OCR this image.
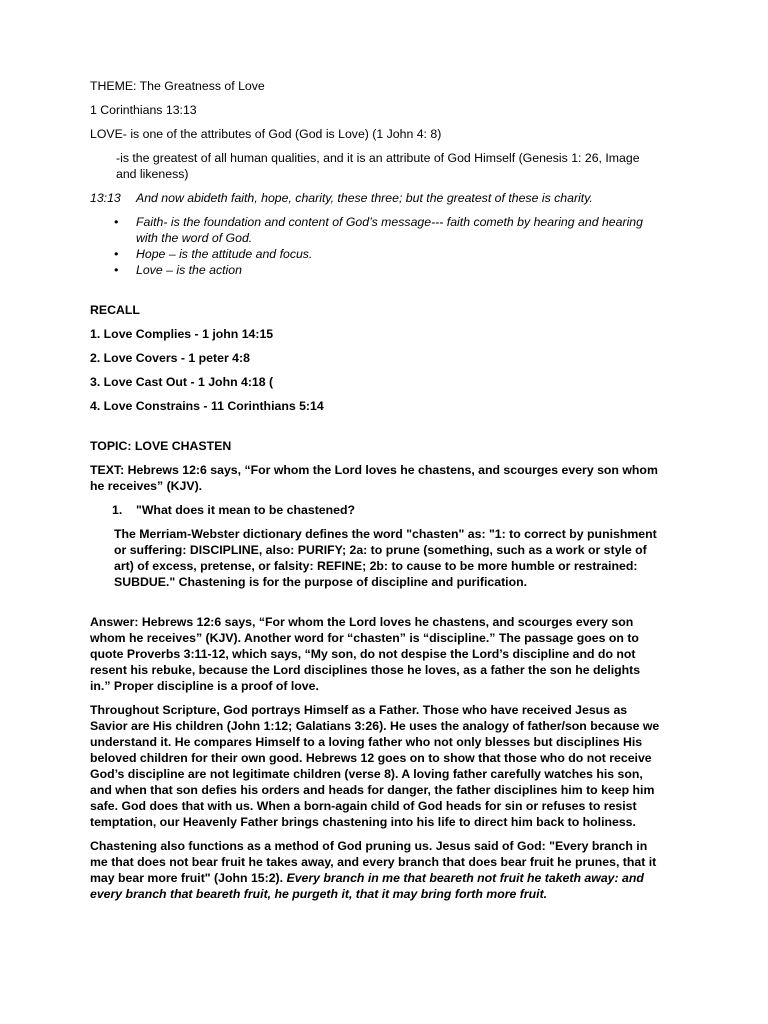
THEME: The Greatness of Love

1 Corinthians 13:13

LOVE- is one of the attributes of God (God is Love) (1 John 4: 8)

-is the greatest of all human qualities, and it is an attribute of God Himself (Genesis 1: 26, Image and likeness)

13:13	And now abideth faith, hope, charity, these three; but the greatest of these is charity.
• Faith- is the foundation and content of God’s message--- faith cometh by hearing and hearing with the word of God.
• Hope – is the attitude and focus.
• Love – is the action

RECALL

1. Love Complies - 1 john 14:15

2. Love Covers - 1 peter 4:8

3. Love Cast Out - 1 John 4:18 (

4. Love Constrains - 11 Corinthians 5:14

TOPIC: LOVE CHASTEN

TEXT: Hebrews 12:6 says, “For whom the Lord loves he chastens, and scourges every son whom he receives” (KJV).

1.	"What does it mean to be chastened?

The Merriam-Webster dictionary defines the word "chasten" as: "1: to correct by punishment or suffering: DISCIPLINE, also: PURIFY; 2a: to prune (something, such as a work or style of art) of excess, pretense, or falsity: REFINE; 2b: to cause to be more humble or restrained: SUBDUE." Chastening is for the purpose of discipline and purification.

Answer: Hebrews 12:6 says, “For whom the Lord loves he chastens, and scourges every son whom he receives” (KJV). Another word for “chasten” is “discipline.” The passage goes on to quote Proverbs 3:11-12, which says, “My son, do not despise the Lord’s discipline and do not resent his rebuke, because the Lord disciplines those he loves, as a father the son he delights in.” Proper discipline is a proof of love.

Throughout Scripture, God portrays Himself as a Father. Those who have received Jesus as Savior are His children (John 1:12; Galatians 3:26). He uses the analogy of father/son because we understand it. He compares Himself to a loving father who not only blesses but disciplines His beloved children for their own good. Hebrews 12 goes on to show that those who do not receive God’s discipline are not legitimate children (verse 8). A loving father carefully watches his son, and when that son defies his orders and heads for danger, the father disciplines him to keep him safe. God does that with us. When a born-again child of God heads for sin or refuses to resist temptation, our Heavenly Father brings chastening into his life to direct him back to holiness.

Chastening also functions as a method of God pruning us. Jesus said of God: "Every branch in me that does not bear fruit he takes away, and every branch that does bear fruit he prunes, that it may bear more fruit" (John 15:2). Every branch in me that beareth not fruit he taketh away: and every branch that beareth fruit, he purgeth it, that it may bring forth more fruit.
